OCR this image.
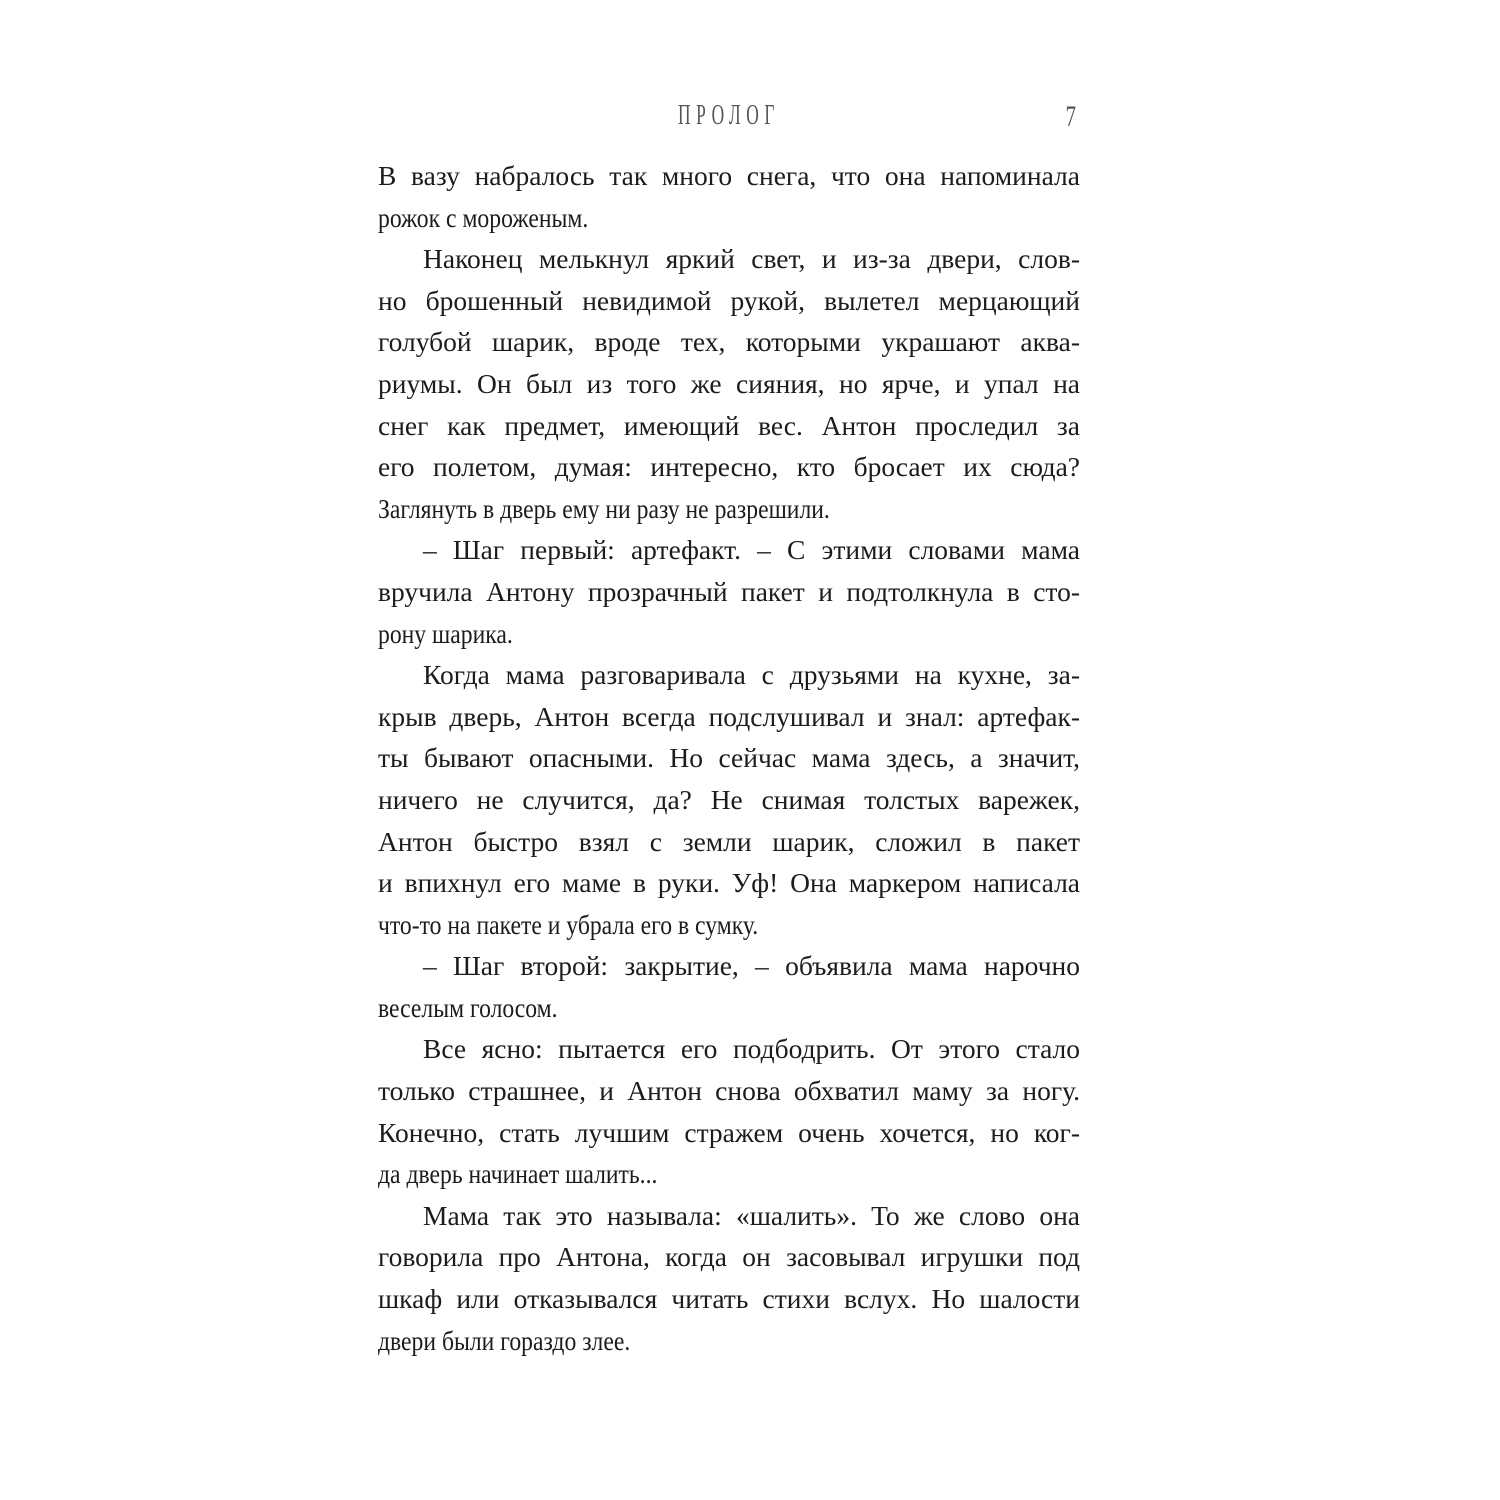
ПРОЛОГ	7
В вазу набралось так много снега, что она напоминала
рожок с мороженым.
Наконец мелькнул яркий свет, и из-за двери, слов-
но брошенный невидимой рукой, вылетел мерцающий
голубой шарик, вроде тех, которыми украшают аква-
риумы. Он был из того же сияния, но ярче, и упал на
снег как предмет, имеющий вес. Антон проследил за
его полетом, думая: интересно, кто бросает их сюда?
Заглянуть в дверь ему ни разу не разрешили.
– Шаг первый: артефакт. – С этими словами мама
вручила Антону прозрачный пакет и подтолкнула в сто-
рону шарика.
Когда мама разговаривала с друзьями на кухне, за-
крыв дверь, Антон всегда подслушивал и знал: артефак-
ты бывают опасными. Но сейчас мама здесь, а значит,
ничего не случится, да? Не снимая толстых варежек,
Антон быстро взял с земли шарик, сложил в пакет
и впихнул его маме в руки. Уф! Она маркером написала
что-то на пакете и убрала его в сумку.
– Шаг второй: закрытие, – объявила мама нарочно
веселым голосом.
Все ясно: пытается его подбодрить. От этого стало
только страшнее, и Антон снова обхватил маму за ногу.
Конечно, стать лучшим стражем очень хочется, но ког-
да дверь начинает шалить...
Мама так это называла: «шалить». То же слово она
говорила про Антона, когда он засовывал игрушки под
шкаф или отказывался читать стихи вслух. Но шалости
двери были гораздо злее.
